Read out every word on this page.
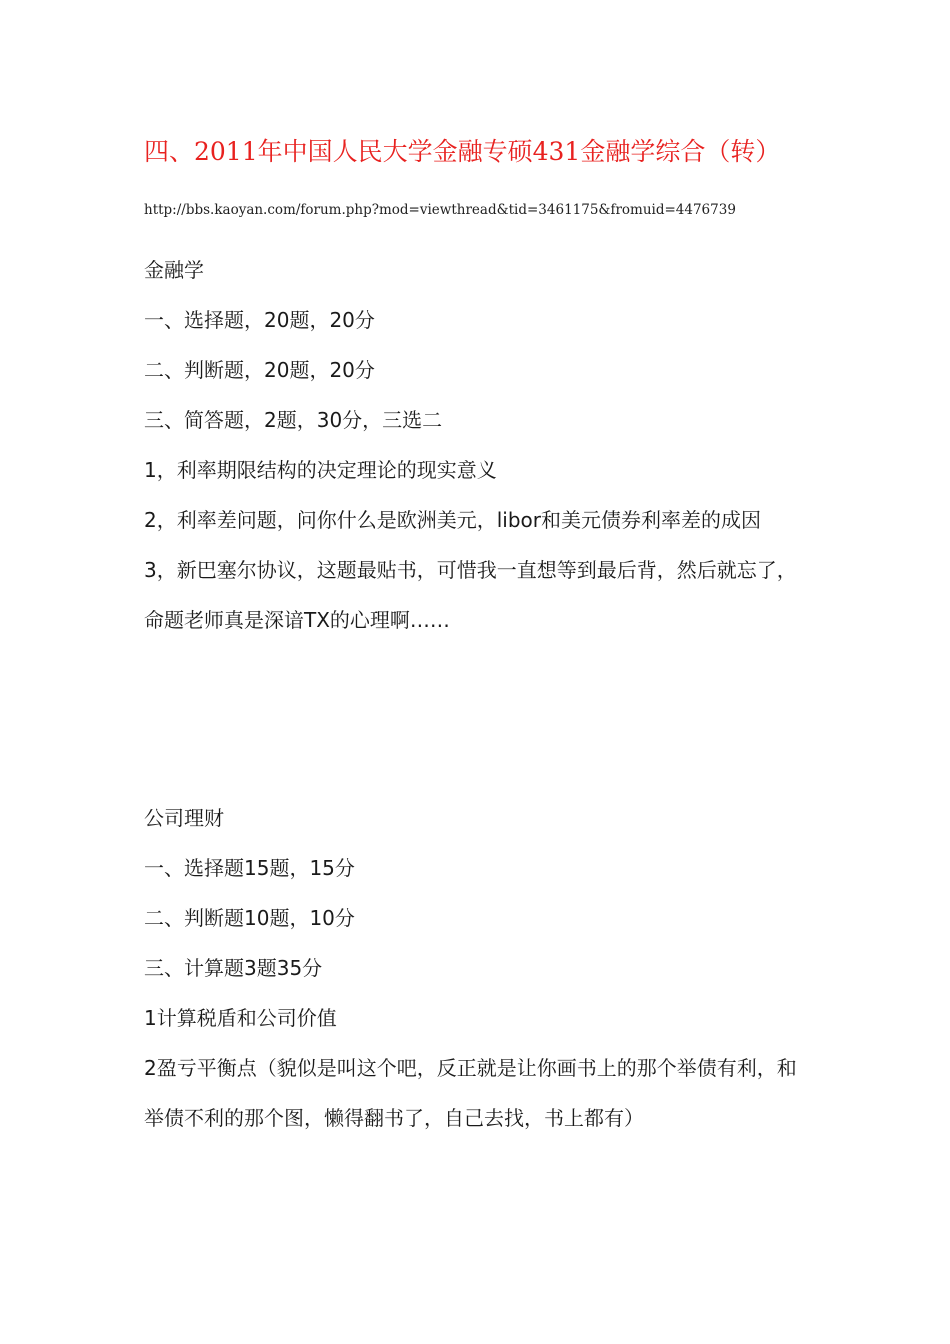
四、2011年中国人民大学金融专硕431金融学综合（转）
http://bbs.kaoyan.com/forum.php?mod=viewthread&tid=3461175&fromuid=4476739

金融学

一、选择题，20题，20分

二、判断题，20题，20分

三、简答题，2题，30分，三选二

1，利率期限结构的决定理论的现实意义

2，利率差问题，问你什么是欧洲美元，libor和美元债券利率差的成因

3，新巴塞尔协议，这题最贴书，可惜我一直想等到最后背，然后就忘了，命题老师真是深谙TX的心理啊……

公司理财

一、选择题15题，15分

二、判断题10题，10分

三、计算题3题35分

1计算税盾和公司价值

2盈亏平衡点（貌似是叫这个吧，反正就是让你画书上的那个举债有利，和举债不利的那个图，懒得翻书了，自己去找，书上都有）
